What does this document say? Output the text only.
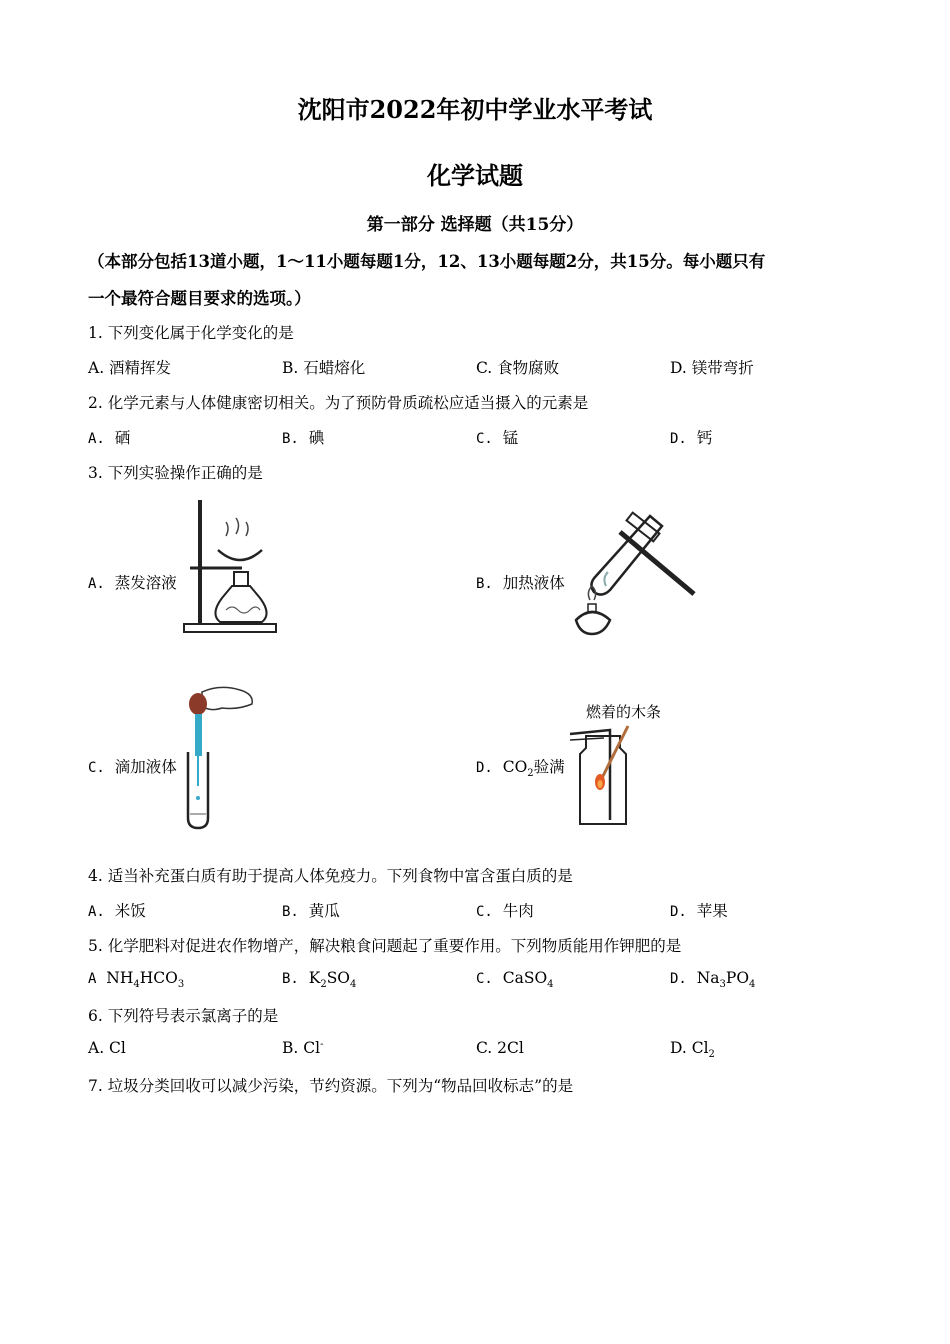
沈阳市2022年初中学业水平考试
化学试题
第一部分 选择题（共15分）
（本部分包括13道小题，1～11小题每题1分，12、13小题每题2分，共15分。每小题只有
一个最符合题目要求的选项。）
1. 下列变化属于化学变化的是
A. 酒精挥发	B. 石蜡熔化	C. 食物腐败	D. 镁带弯折
2. 化学元素与人体健康密切相关。为了预防骨质疏松应适当摄入的元素是
A. 硒	B. 碘	C. 锰	D. 钙
3. 下列实验操作正确的是
A. 蒸发溶液	B. 加热液体
C. 滴加液体	D. $CO_2$验满
燃着的木条
4. 适当补充蛋白质有助于提高人体免疫力。下列食物中富含蛋白质的是
A. 米饭	B. 黄瓜	C. 牛肉	D. 苹果
5. 化学肥料对促进农作物增产，解决粮食问题起了重要作用。下列物质能用作钾肥的是
A $NH_4HCO_3$	B. $K_2SO_4$	C. CaSO$_4$	D. $Na_3PO_4$
6. 下列符号表示氯离子的是
A. Cl	B. Cl-	C. 2Cl	D. $Cl_2$
7. 垃圾分类回收可以减少污染，节约资源。下列为“物品回收标志”的是
